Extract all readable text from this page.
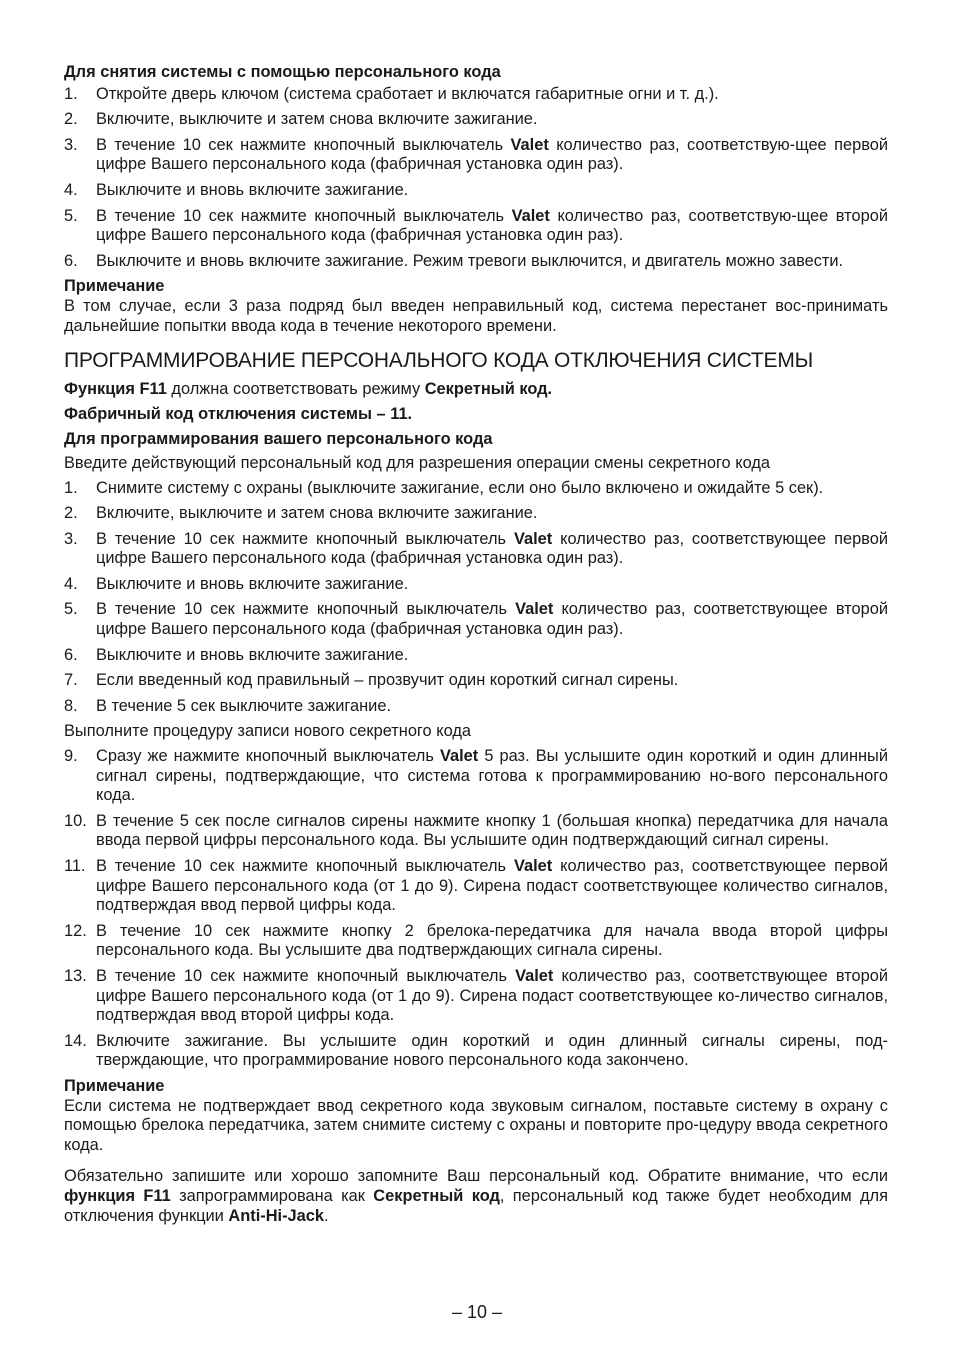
Для снятия системы с помощью персонального кода
1.	Откройте дверь ключом (система сработает и включатся габаритные огни и т. д.).
2.	Включите, выключите и затем снова включите зажигание.
3.	В течение 10 сек нажмите кнопочный выключатель Valet количество раз, соответствую-щее первой цифре Вашего персонального кода (фабричная установка один раз).
4.	Выключите и вновь включите зажигание.
5.	В течение 10 сек нажмите кнопочный выключатель Valet количество раз, соответствую-щее второй цифре Вашего персонального кода (фабричная установка один раз).
6.	Выключите и вновь включите зажигание. Режим тревоги выключится, и двигатель можно завести.
Примечание
В том случае, если 3 раза подряд был введен неправильный код, система перестанет вос-принимать дальнейшие попытки ввода кода в течение некоторого времени.
ПРОГРАММИРОВАНИЕ ПЕРСОНАЛЬНОГО КОДА ОТКЛЮЧЕНИЯ СИСТЕМЫ
Функция F11 должна соответствовать режиму Секретный код.
Фабричный код отключения системы – 11.
Для программирования вашего персонального кода
Введите действующий персональный код для разрешения операции смены секретного кода
1.	Снимите систему с охраны (выключите зажигание, если оно было включено и ожидайте 5 сек).
2.	Включите, выключите и затем снова включите зажигание.
3.	В течение 10 сек нажмите кнопочный выключатель Valet количество раз, соответствующее первой цифре Вашего персонального кода (фабричная установка один раз).
4.	Выключите и вновь включите зажигание.
5.	В течение 10 сек нажмите кнопочный выключатель Valet количество раз, соответствующее второй цифре Вашего персонального кода (фабричная установка один раз).
6.	Выключите и вновь включите зажигание.
7.	Если введенный код правильный – прозвучит один короткий сигнал сирены.
8.	В течение 5 сек выключите зажигание.
Выполните процедуру записи нового секретного кода
9.	Сразу же нажмите кнопочный выключатель Valet 5 раз. Вы услышите один короткий и один длинный сигнал сирены, подтверждающие, что система готова к программированию но-вого персонального кода.
10. В течение 5 сек после сигналов сирены нажмите кнопку 1 (большая кнопка) передатчика для начала ввода первой цифры персонального кода. Вы услышите один подтверждающий сигнал сирены.
11. В течение 10 сек нажмите кнопочный выключатель Valet количество раз, соответствующее первой цифре Вашего персонального кода (от 1 до 9). Сирена подаст соответствующее количество сигналов, подтверждая ввод первой цифры кода.
12. В течение 10 сек нажмите кнопку 2 брелока-передатчика для начала ввода второй цифры персонального кода. Вы услышите два подтверждающих сигнала сирены.
13. В течение 10 сек нажмите кнопочный выключатель Valet количество раз, соответствующее второй цифре Вашего персонального кода (от 1 до 9). Сирена подаст соответствующее ко-личество сигналов, подтверждая ввод второй цифры кода.
14. Включите зажигание. Вы услышите один короткий и один длинный сигналы сирены, под-тверждающие, что программирование нового персонального кода закончено.
Примечание
Если система не подтверждает ввод секретного кода звуковым сигналом, поставьте систему в охрану с помощью брелока передатчика, затем снимите систему с охраны и повторите про-цедуру ввода секретного кода.
Обязательно запишите или хорошо запомните Ваш персональный код. Обратите внимание, что если функция F11 запрограммирована как Секретный код, персональный код также будет необходим для отключения функции Anti-Hi-Jack.
– 10 –
